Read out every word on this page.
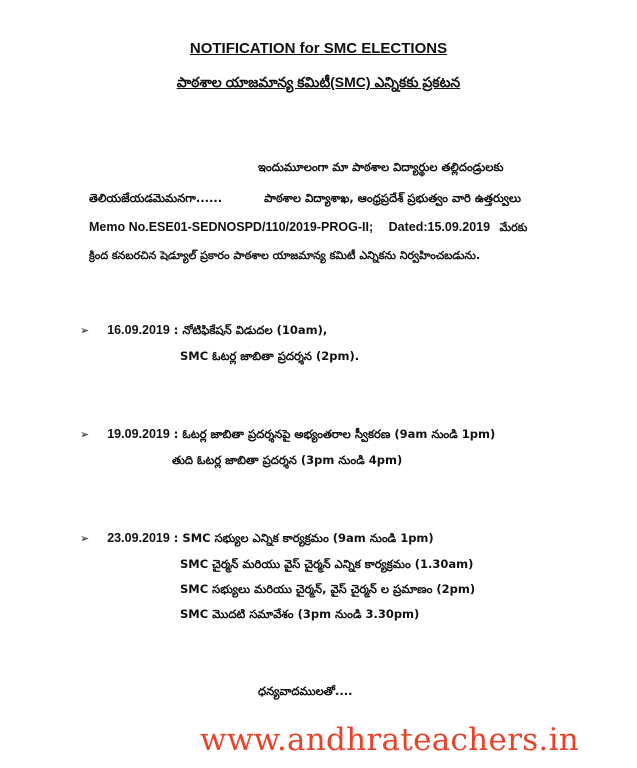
NOTIFICATION for SMC ELECTIONS
పాఠశాల యాజమాన్య కమిటీ(SMC) ఎన్నికకు ప్రకటన
ఇందుమూలంగా మా పాఠశాల విద్యార్థుల తల్లిదండ్రులకు
తెలియజేయడమెమనగా......	పాఠశాల విద్యాశాఖ, ఆంధ్రప్రదేశ్ ప్రభుత్వం వారి ఉత్తర్వులు
Memo No.ESE01-SEDNOSPD/110/2019-PROG-II; Dated:15.09.2019 మేరకు
క్రింద కనబరచిన షెడ్యూల్ ప్రకారం పాఠశాల యాజమాన్య కమిటీ ఎన్నికను నిర్వహించబడును.
➢ 16.09.2019 : నోటిఫికేషన్ విడుదల (10am),
SMC ఓటర్ల జాబితా ప్రదర్శన (2pm).
➢ 19.09.2019 : ఓటర్ల జాబితా ప్రదర్శనపై అభ్యంతరాల స్వీకరణ (9am నుండి 1pm)
తుది ఓటర్ల జాబితా ప్రదర్శన (3pm నుండి 4pm)
➢ 23.09.2019 : SMC సభ్యుల ఎన్నిక కార్యక్రమం (9am నుండి 1pm)
SMC చైర్మన్ మరియు వైస్ చైర్మన్ ఎన్నిక కార్యక్రమం (1.30am)
SMC సభ్యులు మరియు చైర్మన్, వైస్ చైర్మన్ ల ప్రమాణం (2pm)
SMC మొదటి సమావేశం (3pm నుండి 3.30pm)
ధన్యవాదములతో....
www.andhrateachers.in
